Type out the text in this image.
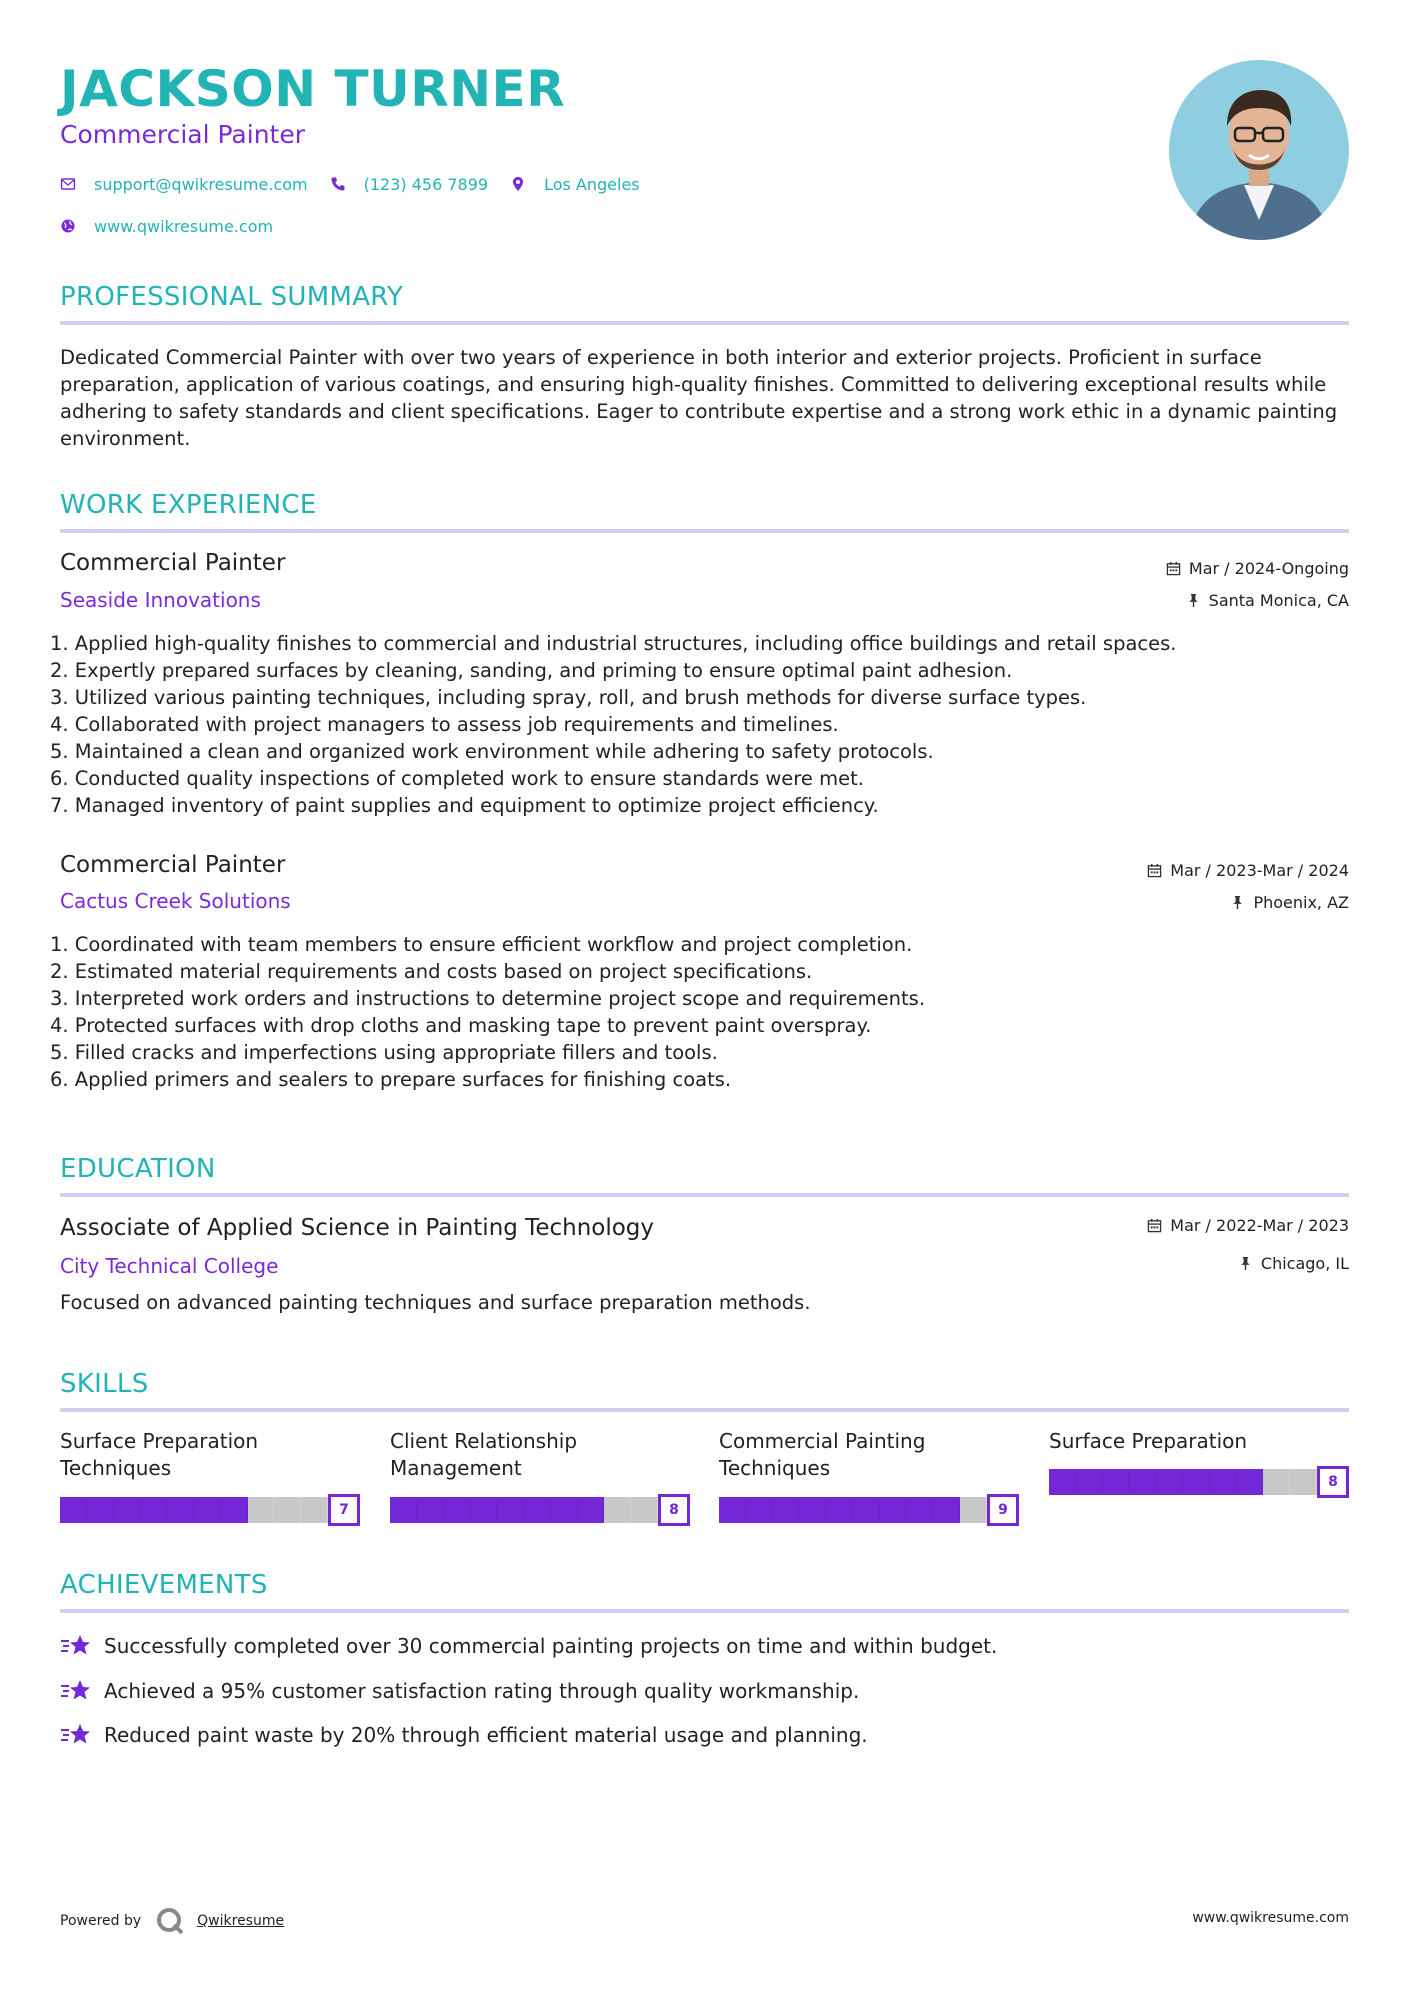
JACKSON TURNER
Commercial Painter
support@qwikresume.com	(123) 456 7899	Los Angeles
www.qwikresume.com
PROFESSIONAL SUMMARY

Dedicated Commercial Painter with over two years of experience in both interior and exterior projects. Proficient in surface preparation, application of various coatings, and ensuring high-quality finishes. Committed to delivering exceptional results while adhering to safety standards and client specifications. Eager to contribute expertise and a strong work ethic in a dynamic painting environment.

WORK EXPERIENCE
Commercial Painter
Seaside Innovations
Mar / 2024-Ongoing
Santa Monica, CA
1. Applied high-quality finishes to commercial and industrial structures, including office buildings and retail spaces.
2. Expertly prepared surfaces by cleaning, sanding, and priming to ensure optimal paint adhesion.
3. Utilized various painting techniques, including spray, roll, and brush methods for diverse surface types.
4. Collaborated with project managers to assess job requirements and timelines.
5. Maintained a clean and organized work environment while adhering to safety protocols.
6. Conducted quality inspections of completed work to ensure standards were met.
7. Managed inventory of paint supplies and equipment to optimize project efficiency.
Commercial Painter
Cactus Creek Solutions
Mar / 2023-Mar / 2024
Phoenix, AZ
1. Coordinated with team members to ensure efficient workflow and project completion.
2. Estimated material requirements and costs based on project specifications.
3. Interpreted work orders and instructions to determine project scope and requirements.
4. Protected surfaces with drop cloths and masking tape to prevent paint overspray.
5. Filled cracks and imperfections using appropriate fillers and tools.
6. Applied primers and sealers to prepare surfaces for finishing coats.
EDUCATION
Associate of Applied Science in Painting Technology
City Technical College
Mar / 2022-Mar / 2023
Chicago, IL

Focused on advanced painting techniques and surface preparation methods.

SKILLS
Surface Preparation Techniques
7
Client Relationship Management
8
Commercial Painting Techniques
9
Surface Preparation
8
ACHIEVEMENTS
Successfully completed over 30 commercial painting projects on time and within budget.
Achieved a 95% customer satisfaction rating through quality workmanship.
Reduced paint waste by 20% through efficient material usage and planning.
Powered by	Qwikresume	www.qwikresume.com
